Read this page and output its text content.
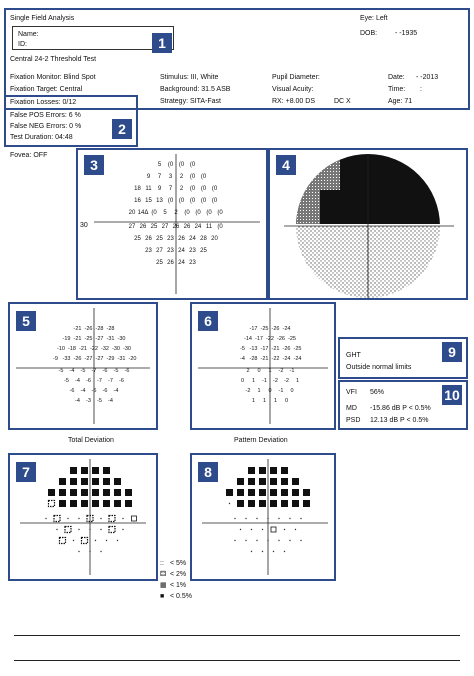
Single Field Analysis	Eye: Left
Name:
ID:
DOB:	- -1935
1
Central 24-2 Threshold Test
Fixation Monitor: Blind Spot
Fixation Target: Central
Stimulus: III, White
Background: 31.5 ASB
Strategy: SITA-Fast
Pupil Diameter:
Visual Acuity:
RX: +8.00 DS	DC X
Date: - -2013
Time: :
Age: 71
Fixation Losses: 0/12
False POS Errors: 6 %
False NEG Errors: 0 %
Test Duration: 04:48
2
Fovea: OFF
3	5 (0 (0 (0
9 7 3 2 (0 (0
18 11 9 7 2 (0 (0 (0
16 15 13 (0 (0 (0 (0 (0
20 14Δ (0 5 2 (0 (0 (0 (0
27 26 25 27 26 26 24 11 (0
25 26 25 23 26 24 28 20
23 27 23 24 23 25
25 26 24 23
30
4
5	-21 -26 -28 -28
-19 -21 -25 -27 -31 -30
-10 -18 -21 -22 -32 -30 -30
-9 -33 -26 -27 -27 -29 -31 -20
-5 -4 -5 -7 -6 -5 -6
-5 -4 -6 -7 -7 -6
-6 -4 -6 -6 -4
-4 -3 -5 -4
Total Deviation
6	-17 -25 -26 -24
-14 -17 -22 -26 -25
-5 -13 -17 -21 -26 -25
-4 -28 -21 -22 -24 -24
2 0 1 -2 -1
0 1 -1 -2 -2 1
-2 1 0 -1 0
1 1 1 0
Pattern Deviation
GHT
Outside normal limits
9
VFI 56%
MD -15.86 dB P < 0.5%
PSD 12.13 dB P < 0.5%
10
7	8
:: < 5%
⚃ < 2%
▦ < 1%
■ < 0.5%
